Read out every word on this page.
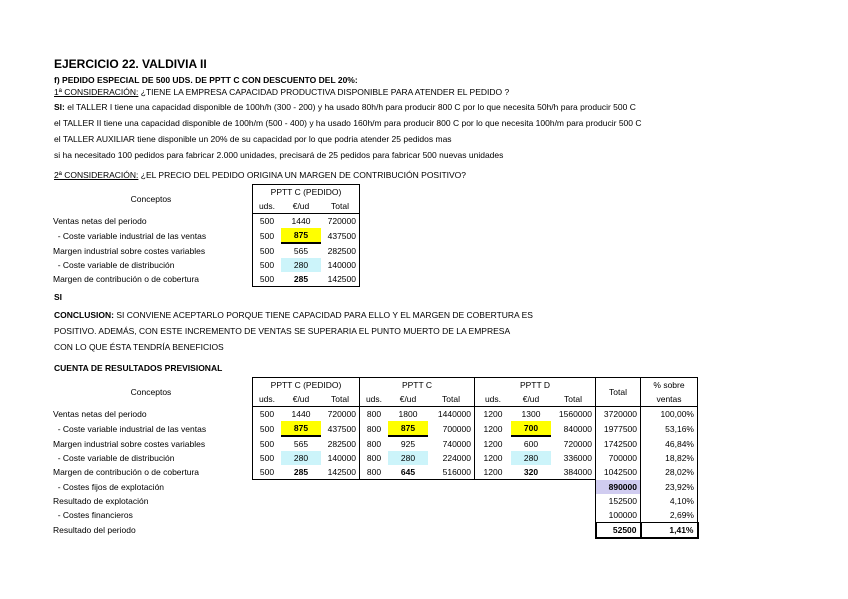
EJERCICIO 22. VALDIVIA II
f) PEDIDO ESPECIAL DE 500 UDS. DE PPTT C CON DESCUENTO DEL 20%:
1ª CONSIDERACIÓN: ¿TIENE LA EMPRESA CAPACIDAD PRODUCTIVA DISPONIBLE PARA ATENDER EL PEDIDO ?
SI: el TALLER I tiene una capacidad disponible de 100h/h (300 - 200) y ha usado 80h/h para producir 800 C por lo que necesita 50h/h para producir 500 C
el TALLER II tiene una capacidad disponible de 100h/m (500 - 400) y ha usado 160h/m para producir 800 C por lo que necesita 100h/m para producir 500 C
el TALLER AUXILIAR tiene disponible un 20% de su capacidad por lo que podria atender 25 pedidos mas
si ha necesitado 100 pedidos para fabricar 2.000 unidades, precisará de 25 pedidos para fabricar 500 nuevas unidades
2ª CONSIDERACIÓN: ¿EL PRECIO DEL PEDIDO ORIGINA UN MARGEN DE CONTRIBUCIÓN POSITIVO?
Conceptos	PPTT C (PEDIDO)		
	uds.	€/ud	Total
Ventas netas del periodo	500	1440	720000
- Coste variable industrial de las ventas	500	875	437500
Margen industrial sobre costes variables	500	565	282500
- Coste variable de distribución	500	280	140000
Margen de contribución o de cobertura	500	285	142500
SI
CONCLUSION: SI CONVIENE ACEPTARLO PORQUE TIENE CAPACIDAD PARA ELLO Y EL MARGEN DE COBERTURA ES
POSITIVO. ADEMÁS, CON ESTE INCREMENTO DE VENTAS SE SUPERARIA EL PUNTO MUERTO DE LA EMPRESA
CON LO QUE ÉSTA TENDRÍA BENEFICIOS
CUENTA DE RESULTADOS PREVISIONAL
Conceptos	PPTT C (PEDIDO)			PPTT C			PPTT D			Total	% sobre
	uds.	€/ud	Total	uds.	€/ud	Total	uds.	€/ud	Total		ventas
Ventas netas del periodo	500	1440	720000	800	1800	1440000	1200	1300	1560000	3720000	100,00%
- Coste variable industrial de las ventas	500	875	437500	800	875	700000	1200	700	840000	1977500	53,16%
Margen industrial sobre costes variables	500	565	282500	800	925	740000	1200	600	720000	1742500	46,84%
- Coste variable de distribución	500	280	140000	800	280	224000	1200	280	336000	700000	18,82%
Margen de contribución o de cobertura	500	285	142500	800	645	516000	1200	320	384000	1042500	28,02%
- Costes fijos de explotación										890000	23,92%
Resultado de explotación										152500	4,10%
- Costes financieros										100000	2,69%
Resultado del periodo										52500	1,41%
